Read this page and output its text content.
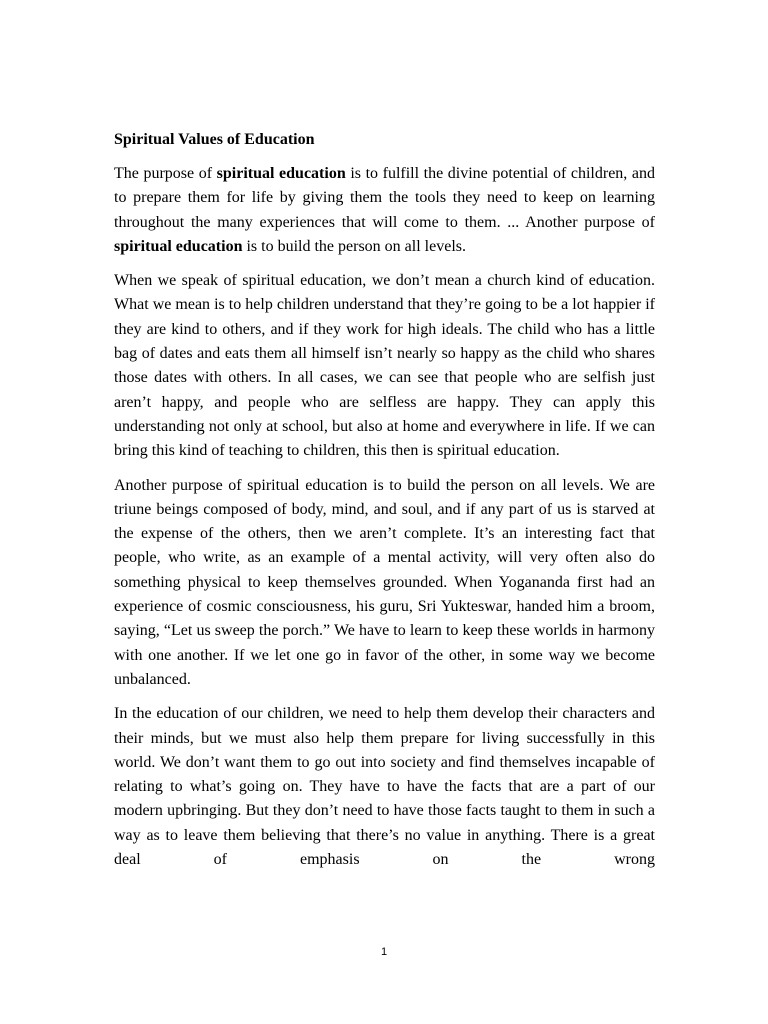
Spiritual Values of Education

The purpose of spiritual education is to fulfill the divine potential of children, and to prepare them for life by giving them the tools they need to keep on learning throughout the many experiences that will come to them. ... Another purpose of spiritual education is to build the person on all levels.

When we speak of spiritual education, we don’t mean a church kind of education. What we mean is to help children understand that they’re going to be a lot happier if they are kind to others, and if they work for high ideals. The child who has a little bag of dates and eats them all himself isn’t nearly so happy as the child who shares those dates with others. In all cases, we can see that people who are selfish just aren’t happy, and people who are selfless are happy. They can apply this understanding not only at school, but also at home and everywhere in life. If we can bring this kind of teaching to children, this then is spiritual education.

Another purpose of spiritual education is to build the person on all levels. We are triune beings composed of body, mind, and soul, and if any part of us is starved at the expense of the others, then we aren’t complete. It’s an interesting fact that people, who write, as an example of a mental activity, will very often also do something physical to keep themselves grounded. When Yogananda first had an experience of cosmic consciousness, his guru, Sri Yukteswar, handed him a broom, saying, “Let us sweep the porch.” We have to learn to keep these worlds in harmony with one another. If we let one go in favor of the other, in some way we become unbalanced.

In the education of our children, we need to help them develop their characters and their minds, but we must also help them prepare for living successfully in this world. We don’t want them to go out into society and find themselves incapable of relating to what’s going on. They have to have the facts that are a part of our modern upbringing. But they don’t need to have those facts taught to them in such a way as to leave them believing that there’s no value in anything. There is a great deal of emphasis on the wrong

1
